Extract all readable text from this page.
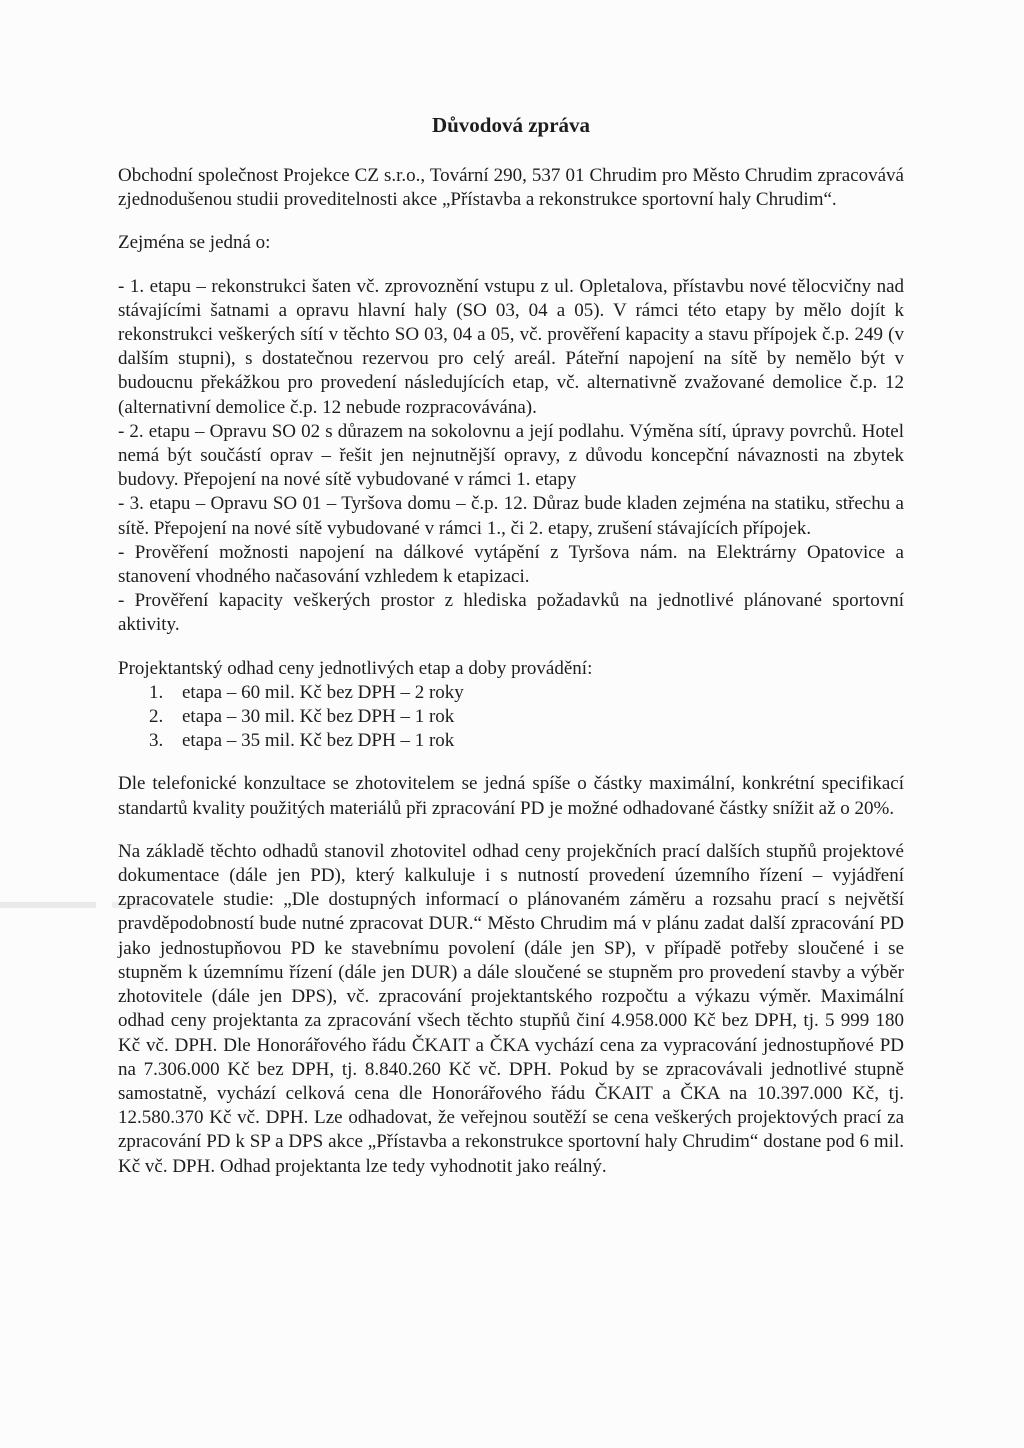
Důvodová zpráva

Obchodní společnost Projekce CZ s.r.o., Tovární 290, 537 01 Chrudim pro Město Chrudim zpracovává zjednodušenou studii proveditelnosti akce „Přístavba a rekonstrukce sportovní haly Chrudim“.

Zejména se jedná o:

- 1. etapu – rekonstrukci šaten vč. zprovoznění vstupu z ul. Opletalova, přístavbu nové tělocvičny nad stávajícími šatnami a opravu hlavní haly (SO 03, 04 a 05). V rámci této etapy by mělo dojít k rekonstrukci veškerých sítí v těchto SO 03, 04 a 05, vč. prověření kapacity a stavu přípojek č.p. 249 (v dalším stupni), s dostatečnou rezervou pro celý areál. Páteřní napojení na sítě by nemělo být v budoucnu překážkou pro provedení následujících etap, vč. alternativně zvažované demolice č.p. 12 (alternativní demolice č.p. 12 nebude rozpracovávána).
- 2. etapu – Opravu SO 02 s důrazem na sokolovnu a její podlahu. Výměna sítí, úpravy povrchů. Hotel nemá být součástí oprav – řešit jen nejnutnější opravy, z důvodu koncepční návaznosti na zbytek budovy. Přepojení na nové sítě vybudované v rámci 1. etapy
- 3. etapu – Opravu SO 01 – Tyršova domu – č.p. 12. Důraz bude kladen zejména na statiku, střechu a sítě. Přepojení na nové sítě vybudované v rámci 1., či 2. etapy, zrušení stávajících přípojek.
- Prověření možnosti napojení na dálkové vytápění z Tyršova nám. na Elektrárny Opatovice a stanovení vhodného načasování vzhledem k etapizaci.
- Prověření kapacity veškerých prostor z hlediska požadavků na jednotlivé plánované sportovní aktivity.

Projektantský odhad ceny jednotlivých etap a doby provádění:

1. etapa – 60 mil. Kč bez DPH – 2 roky
2. etapa – 30 mil. Kč bez DPH – 1 rok
3. etapa – 35 mil. Kč bez DPH – 1 rok

Dle telefonické konzultace se zhotovitelem se jedná spíše o částky maximální, konkrétní specifikací standartů kvality použitých materiálů při zpracování PD je možné odhadované částky snížit až o 20%.

Na základě těchto odhadů stanovil zhotovitel odhad ceny projekčních prací dalších stupňů projektové dokumentace (dále jen PD), který kalkuluje i s nutností provedení územního řízení – vyjádření zpracovatele studie: „Dle dostupných informací o plánovaném záměru a rozsahu prací s největší pravděpodobností bude nutné zpracovat DUR.“ Město Chrudim má v plánu zadat další zpracování PD jako jednostupňovou PD ke stavebnímu povolení (dále jen SP), v případě potřeby sloučené i se stupněm k územnímu řízení (dále jen DUR) a dále sloučené se stupněm pro provedení stavby a výběr zhotovitele (dále jen DPS), vč. zpracování projektantského rozpočtu a výkazu výměr. Maximální odhad ceny projektanta za zpracování všech těchto stupňů činí 4.958.000 Kč bez DPH, tj. 5 999 180 Kč vč. DPH. Dle Honorářového řádu ČKAIT a ČKA vychází cena za vypracování jednostupňové PD na 7.306.000 Kč bez DPH, tj. 8.840.260 Kč vč. DPH. Pokud by se zpracovávali jednotlivé stupně samostatně, vychází celková cena dle Honorářového řádu ČKAIT a ČKA na 10.397.000 Kč, tj. 12.580.370 Kč vč. DPH. Lze odhadovat, že veřejnou soutěží se cena veškerých projektových prací za zpracování PD k SP a DPS akce „Přístavba a rekonstrukce sportovní haly Chrudim“ dostane pod 6 mil. Kč vč. DPH. Odhad projektanta lze tedy vyhodnotit jako reálný.
